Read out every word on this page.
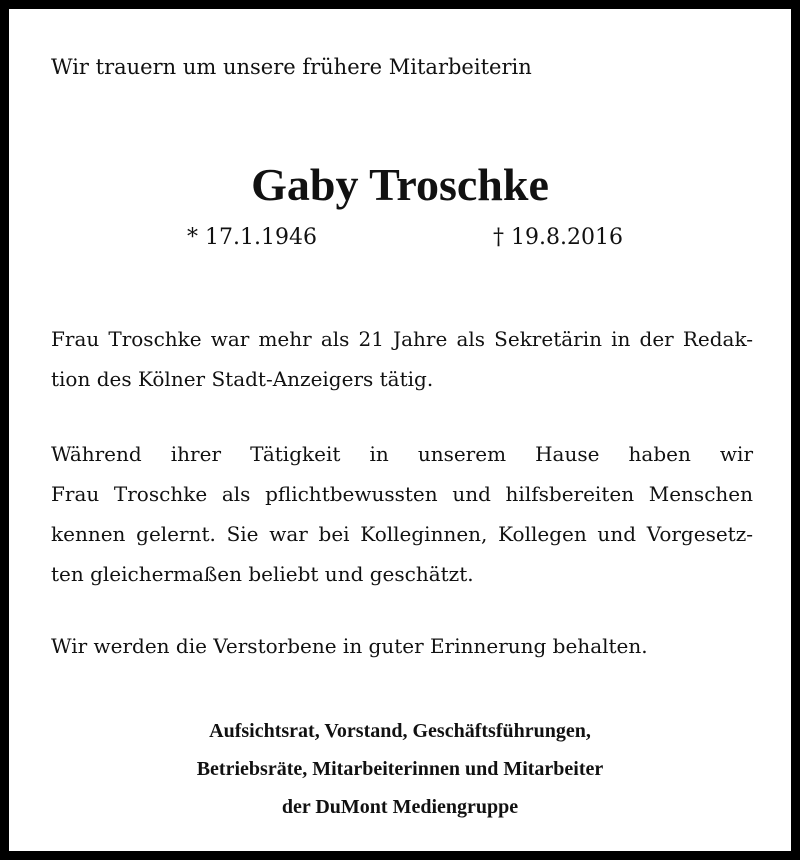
Wir trauern um unsere frühere Mitarbeiterin
Gaby Troschke
* 17.1.1946	† 19.8.2016
Frau Troschke war mehr als 21 Jahre als Sekretärin in der Redak-
tion des Kölner Stadt-Anzeigers tätig.
Während ihrer Tätigkeit in unserem Hause haben wir
Frau Troschke als pflichtbewussten und hilfsbereiten Menschen
kennen gelernt. Sie war bei Kolleginnen, Kollegen und Vorgesetz-
ten gleichermaßen beliebt und geschätzt.
Wir werden die Verstorbene in guter Erinnerung behalten.
Aufsichtsrat, Vorstand, Geschäftsführungen,
Betriebsräte, Mitarbeiterinnen und Mitarbeiter
der DuMont Mediengruppe
